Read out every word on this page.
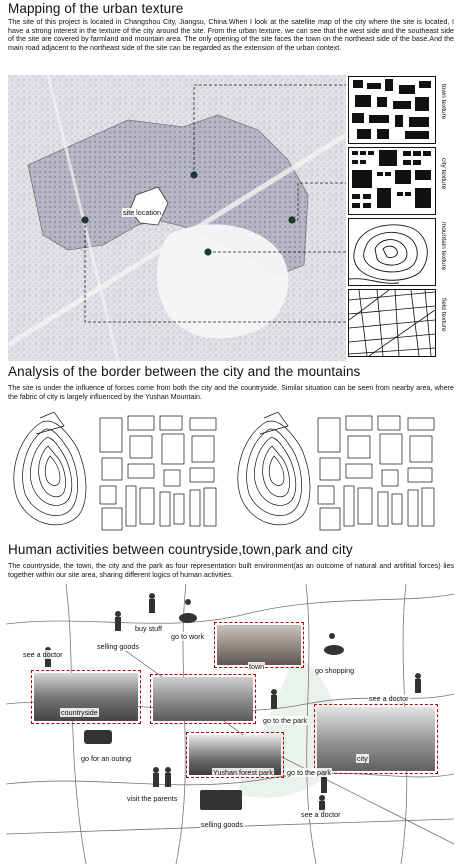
Mapping of the urban texture
The site of this project is located in Changshou City, Jiangsu, China.When I look at the satellite map of the city where the site is located, I have a strong interest in the texture of the city around the site. From the urban texture, we can see that the west side and the southeast side of the site are covered by farmland and mountain area. The only opening of the site faces the town on the northeast side of the base.And the main road adjacent to the northeast side of the site can be regarded as the extension of the urban context.
site location
town texture
city texture
mountain texture
field texture
Analysis of the border between the city and the mountains
The site is under the influence of forces come from both the city and the countryside. Similar situation can be seen from nearby area, where the fabric of city is largely influenced by the Yushan Mountain.
Human activities between countryside,town,park and city
The countryside, the town, the city and the park as four representation built environment(as an outcome of natural and artifitial forces) lies together within our site area, sharing different logics of human activities.
buy stuff
go to work
selling goods
see a doctor
town	go shopping
see a doctor
countryside
go to the park
go for an outing	city
Yushan forest park go to the park
visit the parents
see a doctor
selling goods
